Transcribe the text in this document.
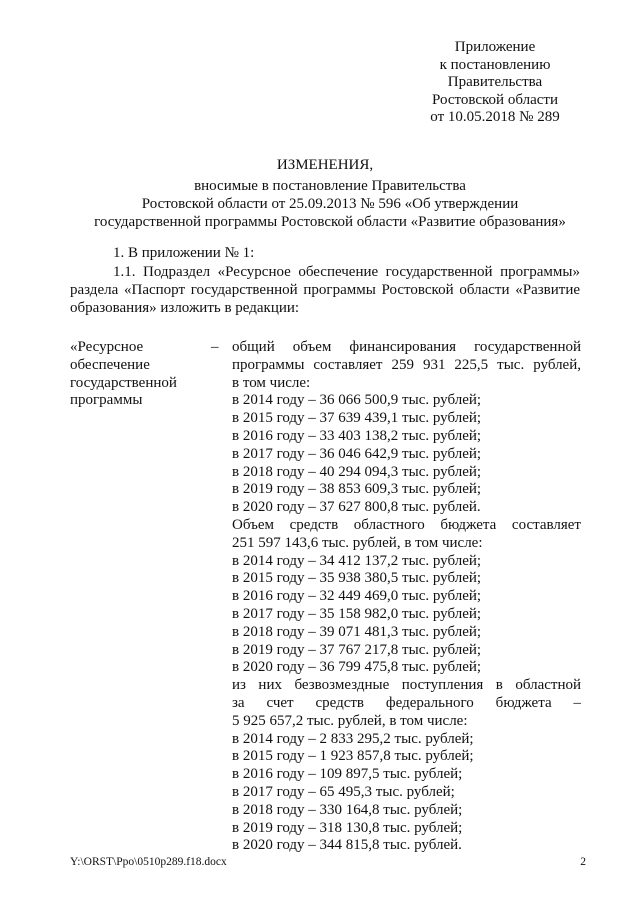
Приложение
к постановлению
Правительства
Ростовской области
от 10.05.2018 № 289
ИЗМЕНЕНИЯ,
вносимые в постановление Правительства
Ростовской области от 25.09.2013 № 596 «Об утверждении
государственной программы Ростовской области «Развитие образования»
1. В приложении № 1:
1.1. Подраздел «Ресурсное обеспечение государственной программы»
раздела «Паспорт государственной программы Ростовской области «Развитие
образования» изложить в редакции:
«Ресурсное
обеспечение
государственной
программы
– общий объем финансирования государственной
программы составляет 259 931 225,5 тыс. рублей,
в том числе:
в 2014 году – 36 066 500,9 тыс. рублей;
в 2015 году – 37 639 439,1 тыс. рублей;
в 2016 году – 33 403 138,2 тыс. рублей;
в 2017 году – 36 046 642,9 тыс. рублей;
в 2018 году – 40 294 094,3 тыс. рублей;
в 2019 году – 38 853 609,3 тыс. рублей;
в 2020 году – 37 627 800,8 тыс. рублей.
Объем средств областного бюджета составляет
251 597 143,6 тыс. рублей, в том числе:
в 2014 году – 34 412 137,2 тыс. рублей;
в 2015 году – 35 938 380,5 тыс. рублей;
в 2016 году – 32 449 469,0 тыс. рублей;
в 2017 году – 35 158 982,0 тыс. рублей;
в 2018 году – 39 071 481,3 тыс. рублей;
в 2019 году – 37 767 217,8 тыс. рублей;
в 2020 году – 36 799 475,8 тыс. рублей;
из них безвозмездные поступления в областной
за счет средств федерального бюджета –
5 925 657,2 тыс. рублей, в том числе:
в 2014 году – 2 833 295,2 тыс. рублей;
в 2015 году – 1 923 857,8 тыс. рублей;
в 2016 году – 109 897,5 тыс. рублей;
в 2017 году – 65 495,3 тыс. рублей;
в 2018 году – 330 164,8 тыс. рублей;
в 2019 году – 318 130,8 тыс. рублей;
в 2020 году – 344 815,8 тыс. рублей.
Y:\ORST\Ppo\0510p289.f18.docx	2
